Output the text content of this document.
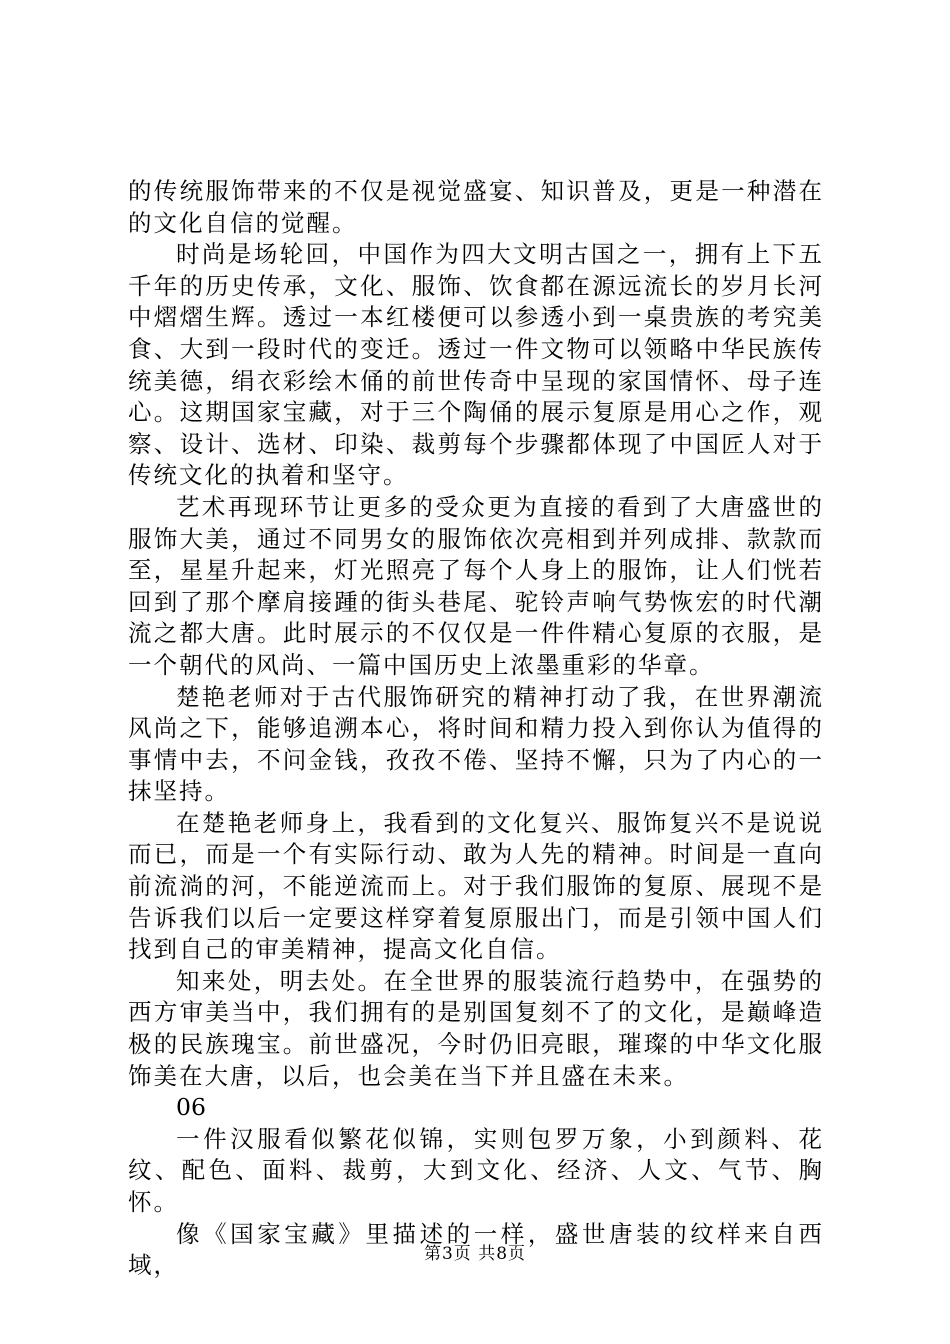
的传统服饰带来的不仅是视觉盛宴、知识普及，更是一种潜在的文化自信的觉醒。

时尚是场轮回，中国作为四大文明古国之一，拥有上下五千年的历史传承，文化、服饰、饮食都在源远流长的岁月长河中熠熠生辉。透过一本红楼便可以参透小到一桌贵族的考究美食、大到一段时代的变迁。透过一件文物可以领略中华民族传统美德，绢衣彩绘木俑的前世传奇中呈现的家国情怀、母子连心。这期国家宝藏，对于三个陶俑的展示复原是用心之作，观察、设计、选材、印染、裁剪每个步骤都体现了中国匠人对于传统文化的执着和坚守。

艺术再现环节让更多的受众更为直接的看到了大唐盛世的服饰大美，通过不同男女的服饰依次亮相到并列成排、款款而至，星星升起来，灯光照亮了每个人身上的服饰，让人们恍若回到了那个摩肩接踵的街头巷尾、驼铃声响气势恢宏的时代潮流之都大唐。此时展示的不仅仅是一件件精心复原的衣服，是一个朝代的风尚、一篇中国历史上浓墨重彩的华章。

楚艳老师对于古代服饰研究的精神打动了我，在世界潮流风尚之下，能够追溯本心，将时间和精力投入到你认为值得的事情中去，不问金钱，孜孜不倦、坚持不懈，只为了内心的一抹坚持。

在楚艳老师身上，我看到的文化复兴、服饰复兴不是说说而已，而是一个有实际行动、敢为人先的精神。时间是一直向前流淌的河，不能逆流而上。对于我们服饰的复原、展现不是告诉我们以后一定要这样穿着复原服出门，而是引领中国人们找到自己的审美精神，提高文化自信。

知来处，明去处。在全世界的服装流行趋势中，在强势的西方审美当中，我们拥有的是别国复刻不了的文化，是巅峰造极的民族瑰宝。前世盛况，今时仍旧亮眼，璀璨的中华文化服饰美在大唐，以后，也会美在当下并且盛在未来。

06

一件汉服看似繁花似锦，实则包罗万象，小到颜料、花纹、配色、面料、裁剪，大到文化、经济、人文、气节、胸怀。

像《国家宝藏》里描述的一样，盛世唐装的纹样来自西域，	第3页 共8页
